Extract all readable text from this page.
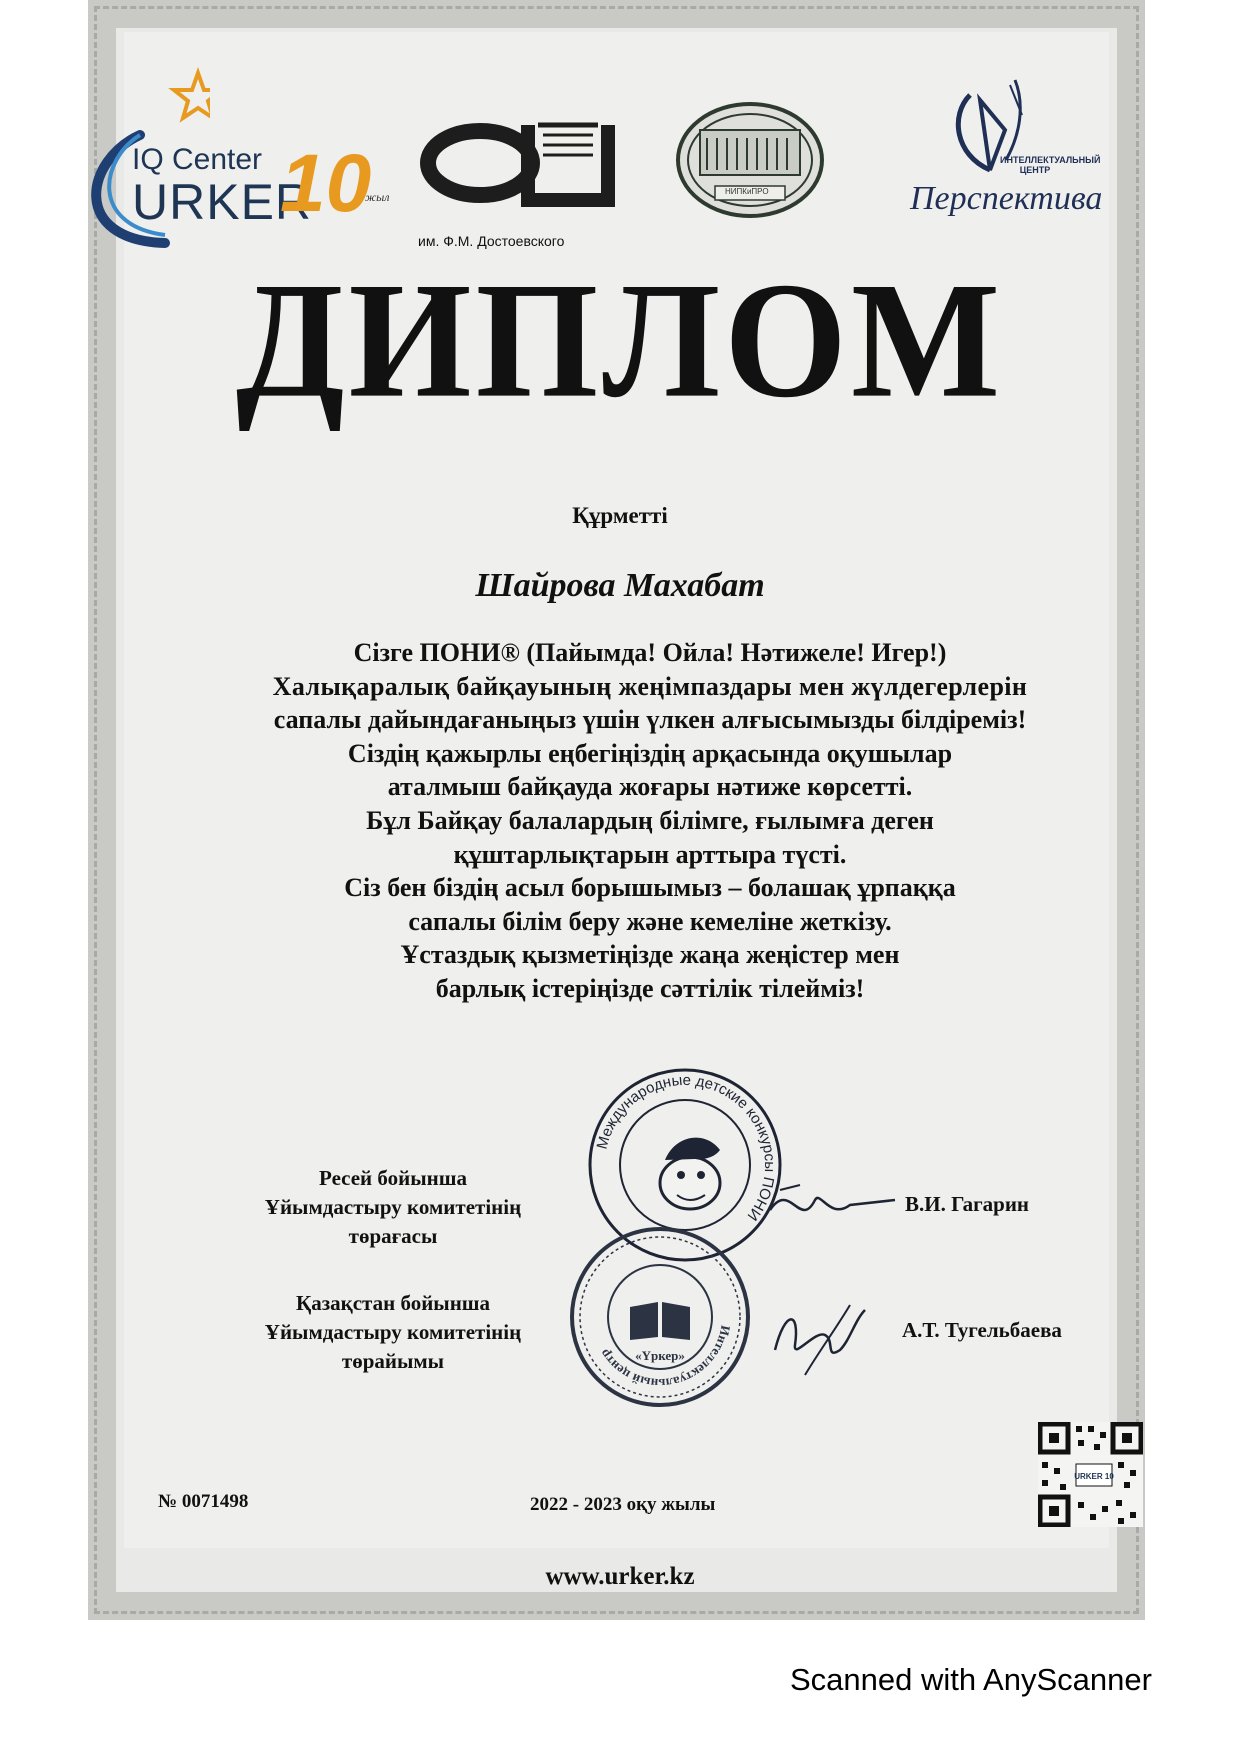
IQ Center
URKER
10
жыл
им. Ф.М. Достоевского
НИПКиПРО
ИНТЕЛЛЕКТУАЛЬНЫЙ ЦЕНТР
Перспектива
ДИПЛОМ
Құрметті
Шайрова Махабат
Сізге ПОНИ® (Пайымда! Ойла! Нәтижеле! Игер!)
Халықаралық байқауының жеңімпаздары мен жүлдегерлерін
сапалы дайындағаныңыз үшін үлкен алғысымызды білдіреміз!
Сіздің қажырлы еңбегіңіздің арқасында оқушылар
аталмыш байқауда жоғары нәтиже көрсетті.
Бұл Байқау балалардың білімге, ғылымға деген
құштарлықтарын арттыра түсті.
Сіз бен біздің асыл борышымыз – болашақ ұрпаққа
сапалы білім беру және кемеліне жеткізу.
Ұстаздық қызметіңізде жаңа жеңістер мен
барлық істеріңізде сәттілік тілейміз!
Международные детские конкурсы ПОНИ
Интеллектуальный центр	«Үркер»
Ресей бойынша
Ұйымдастыру комитетінің
төрағасы
В.И. Гагарин
Қазақстан бойынша
Ұйымдастыру комитетінің
төрайымы
А.Т. Тугельбаева
URKER 10
№ 0071498	2022 - 2023 оқу жылы
www.urker.kz
Scanned with AnyScanner
